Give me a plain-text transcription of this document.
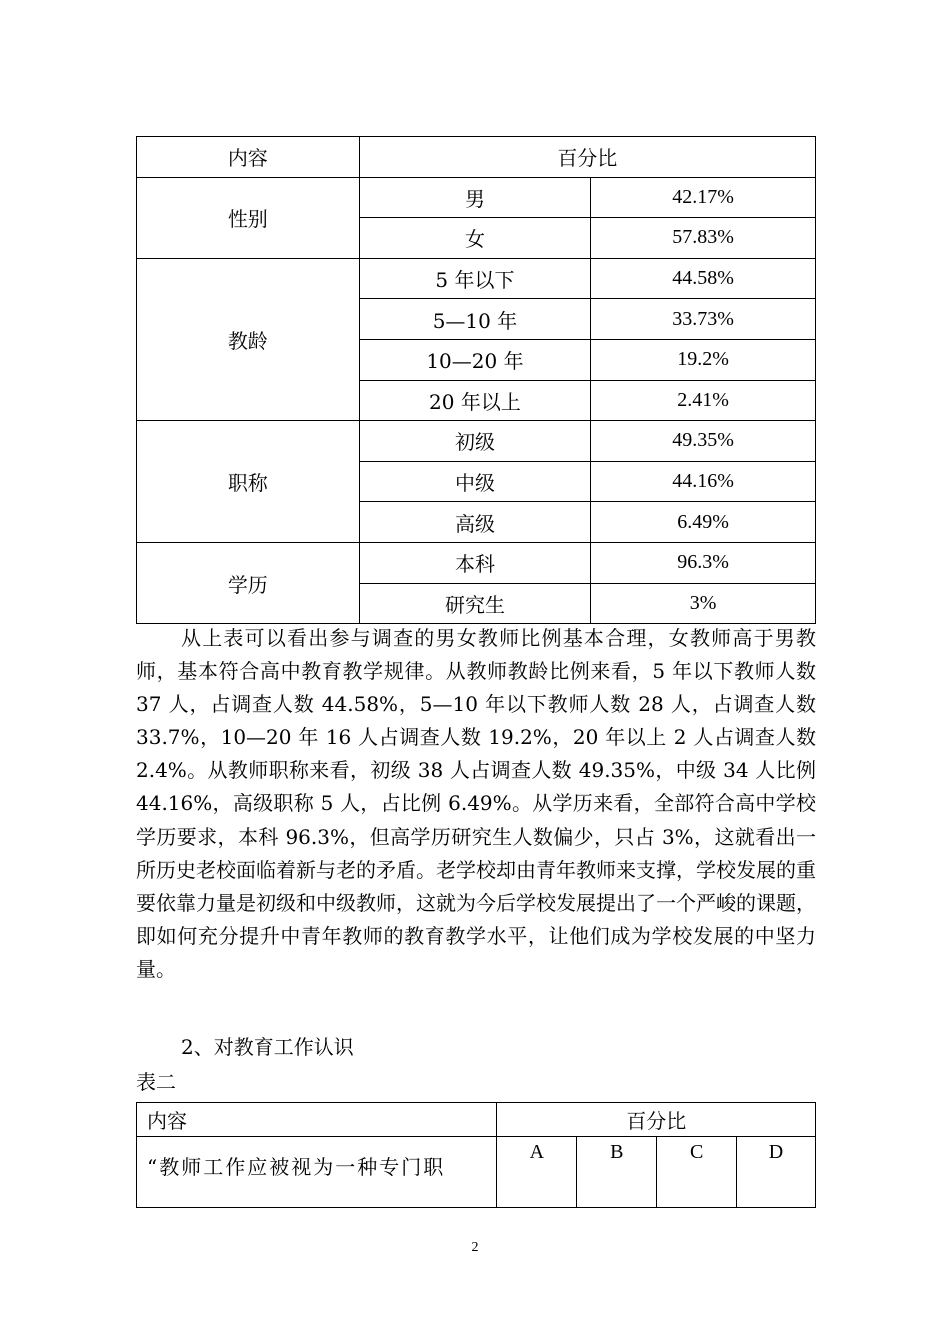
内容	百分比	
性别	男	42.17%
	女	57.83%
教龄	5 年以下	44.58%
	5—10 年	33.73%
	10—20 年	19.2%
	20 年以上	2.41%
职称	初级	49.35%
	中级	44.16%
	高级	6.49%
学历	本科	96.3%
	研究生	3%

从上表可以看出参与调查的男女教师比例基本合理，女教师高于男教师，基本符合高中教育教学规律。从教师教龄比例来看，5 年以下教师人数 37 人，占调查人数 44.58%，5—10 年以下教师人数 28 人，占调查人数 33.7%，10—20 年 16 人占调查人数 19.2%，20 年以上 2 人占调查人数 2.4%。从教师职称来看，初级 38 人占调查人数 49.35%，中级 34 人比例 44.16%，高级职称 5 人，占比例 6.49%。从学历来看，全部符合高中学校学历要求，本科 96.3%，但高学历研究生人数偏少，只占 3%，这就看出一所历史老校面临着新与老的矛盾。老学校却由青年教师来支撑，学校发展的重要依靠力量是初级和中级教师，这就为今后学校发展提出了一个严峻的课题，即如何充分提升中青年教师的教育教学水平，让他们成为学校发展的中坚力量。

2、对教育工作认识

表二

内容	百分比			
“教师工作应被视为一种专门职	A	B	C	D
2
